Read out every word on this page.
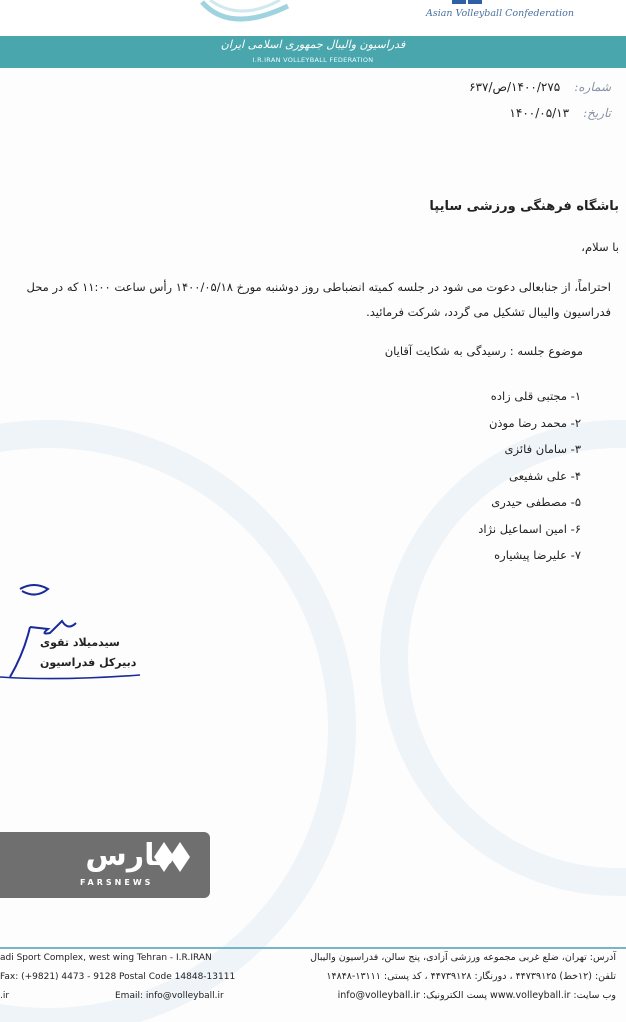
Asian Volleyball Confederation
فدراسیون والیبال جمهوری اسلامی ایران
I.R.IRAN VOLLEYBALL FEDERATION
شماره:
۱۴۰۰/۲۷۵/ص/۶۳۷
تاریخ:
۱۴۰۰/۰۵/۱۳
باشگاه فرهنگی ورزشی سایپا
با سلام،
احتراماً، از جنابعالی دعوت می شود در جلسه کمیته انضباطی روز دوشنبه مورخ ۱۴۰۰/۰۵/۱۸ رأس ساعت ۱۱:۰۰ که در محل فدراسیون والیبال تشکیل می گردد، شرکت فرمائید.
موضوع جلسه : رسیدگی به شکایت آقایان
۱- مجتبی قلی زاده
۲- محمد رضا موذن
۳- سامان فائزی
۴- علی شفیعی
۵- مصطفی حیدری
۶- امین اسماعیل نژاد
۷- علیرضا پیشیاره
سیدمیلاد تقوی
دبیرکل فدراسیون
فارس
FARSNEWS
adi Sport Complex, west wing Tehran - I.R.IRAN
Fax: (+9821) 4473 - 9128 Postal Code 14848-13111
.ir	Email: info@volleyball.ir
آدرس: تهران، ضلع غربی مجموعه ورزشی آزادی، پنج سالن، فدراسیون والیبال
تلفن: (۱۲خط) ۴۴۷۳۹۱۲۵ ، دورنگار: ۴۴۷۳۹۱۲۸ ، کد پستی: ۱۳۱۱۱-۱۴۸۴۸
وب سایت: www.volleyball.ir پست الکترونیک: info@volleyball.ir
